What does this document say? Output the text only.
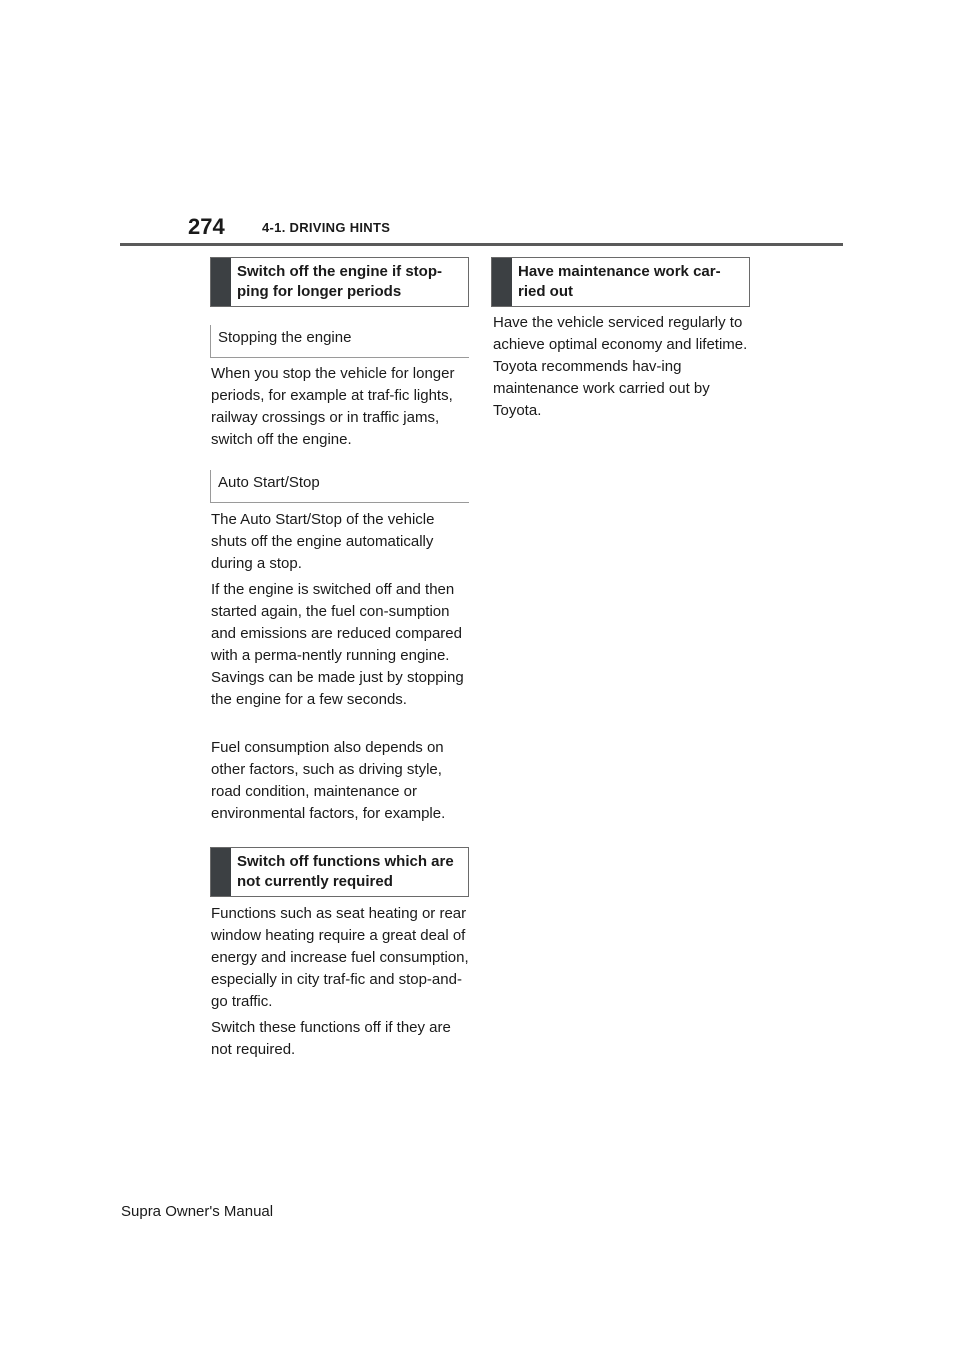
274	4-1. DRIVING HINTS
Switch off the engine if stop-ping for longer periods
Stopping the engine

When you stop the vehicle for longer periods, for example at traf-fic lights, railway crossings or in traffic jams, switch off the engine.

Auto Start/Stop

The Auto Start/Stop of the vehicle shuts off the engine automatically during a stop.

If the engine is switched off and then started again, the fuel con-sumption and emissions are reduced compared with a perma-nently running engine. Savings can be made just by stopping the engine for a few seconds.

Fuel consumption also depends on other factors, such as driving style, road condition, maintenance or environmental factors, for example.

Switch off functions which are not currently required

Functions such as seat heating or rear window heating require a great deal of energy and increase fuel consumption, especially in city traf-fic and stop-and-go traffic.

Switch these functions off if they are not required.

Have maintenance work car-ried out

Have the vehicle serviced regularly to achieve optimal economy and lifetime. Toyota recommends hav-ing maintenance work carried out by Toyota.

Supra Owner's Manual
